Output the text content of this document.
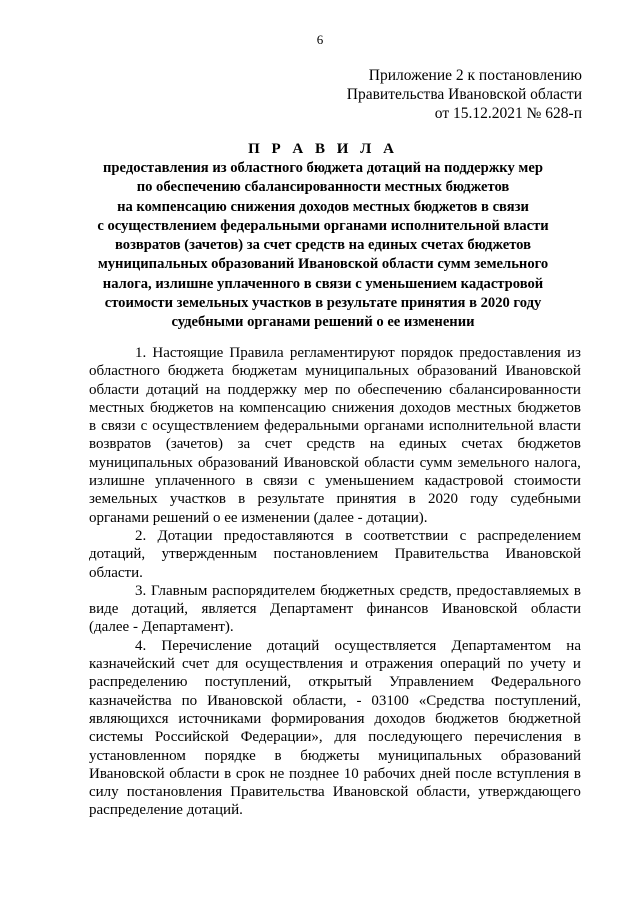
6
Приложение 2 к постановлению
Правительства Ивановской области
от 15.12.2021 № 628-п
П Р А В И Л А
предоставления из областного бюджета дотаций на поддержку мер
по обеспечению сбалансированности местных бюджетов
на компенсацию снижения доходов местных бюджетов в связи
с осуществлением федеральными органами исполнительной власти
возвратов (зачетов) за счет средств на единых счетах бюджетов
муниципальных образований Ивановской области сумм земельного
налога, излишне уплаченного в связи с уменьшением кадастровой
стоимости земельных участков в результате принятия в 2020 году
судебными органами решений о ее изменении
1. Настоящие Правила регламентируют порядок предоставления из
областного бюджета бюджетам муниципальных образований Ивановской
области дотаций на поддержку мер по обеспечению сбалансированности
местных бюджетов на компенсацию снижения доходов местных бюджетов
в связи с осуществлением федеральными органами исполнительной власти
возвратов (зачетов) за счет средств на единых счетах бюджетов
муниципальных образований Ивановской области сумм земельного налога,
излишне уплаченного в связи с уменьшением кадастровой стоимости
земельных участков в результате принятия в 2020 году судебными
органами решений о ее изменении (далее - дотации).
2. Дотации предоставляются в соответствии с распределением
дотаций, утвержденным постановлением Правительства Ивановской
области.
3. Главным распорядителем бюджетных средств, предоставляемых в
виде дотаций, является Департамент финансов Ивановской области
(далее - Департамент).
4. Перечисление дотаций осуществляется Департаментом на
казначейский счет для осуществления и отражения операций по учету и
распределению поступлений, открытый Управлением Федерального
казначейства по Ивановской области, - 03100 «Средства поступлений,
являющихся источниками формирования доходов бюджетов бюджетной
системы Российской Федерации», для последующего перечисления в
установленном порядке в бюджеты муниципальных образований
Ивановской области в срок не позднее 10 рабочих дней после вступления в
силу постановления Правительства Ивановской области, утверждающего
распределение дотаций.
